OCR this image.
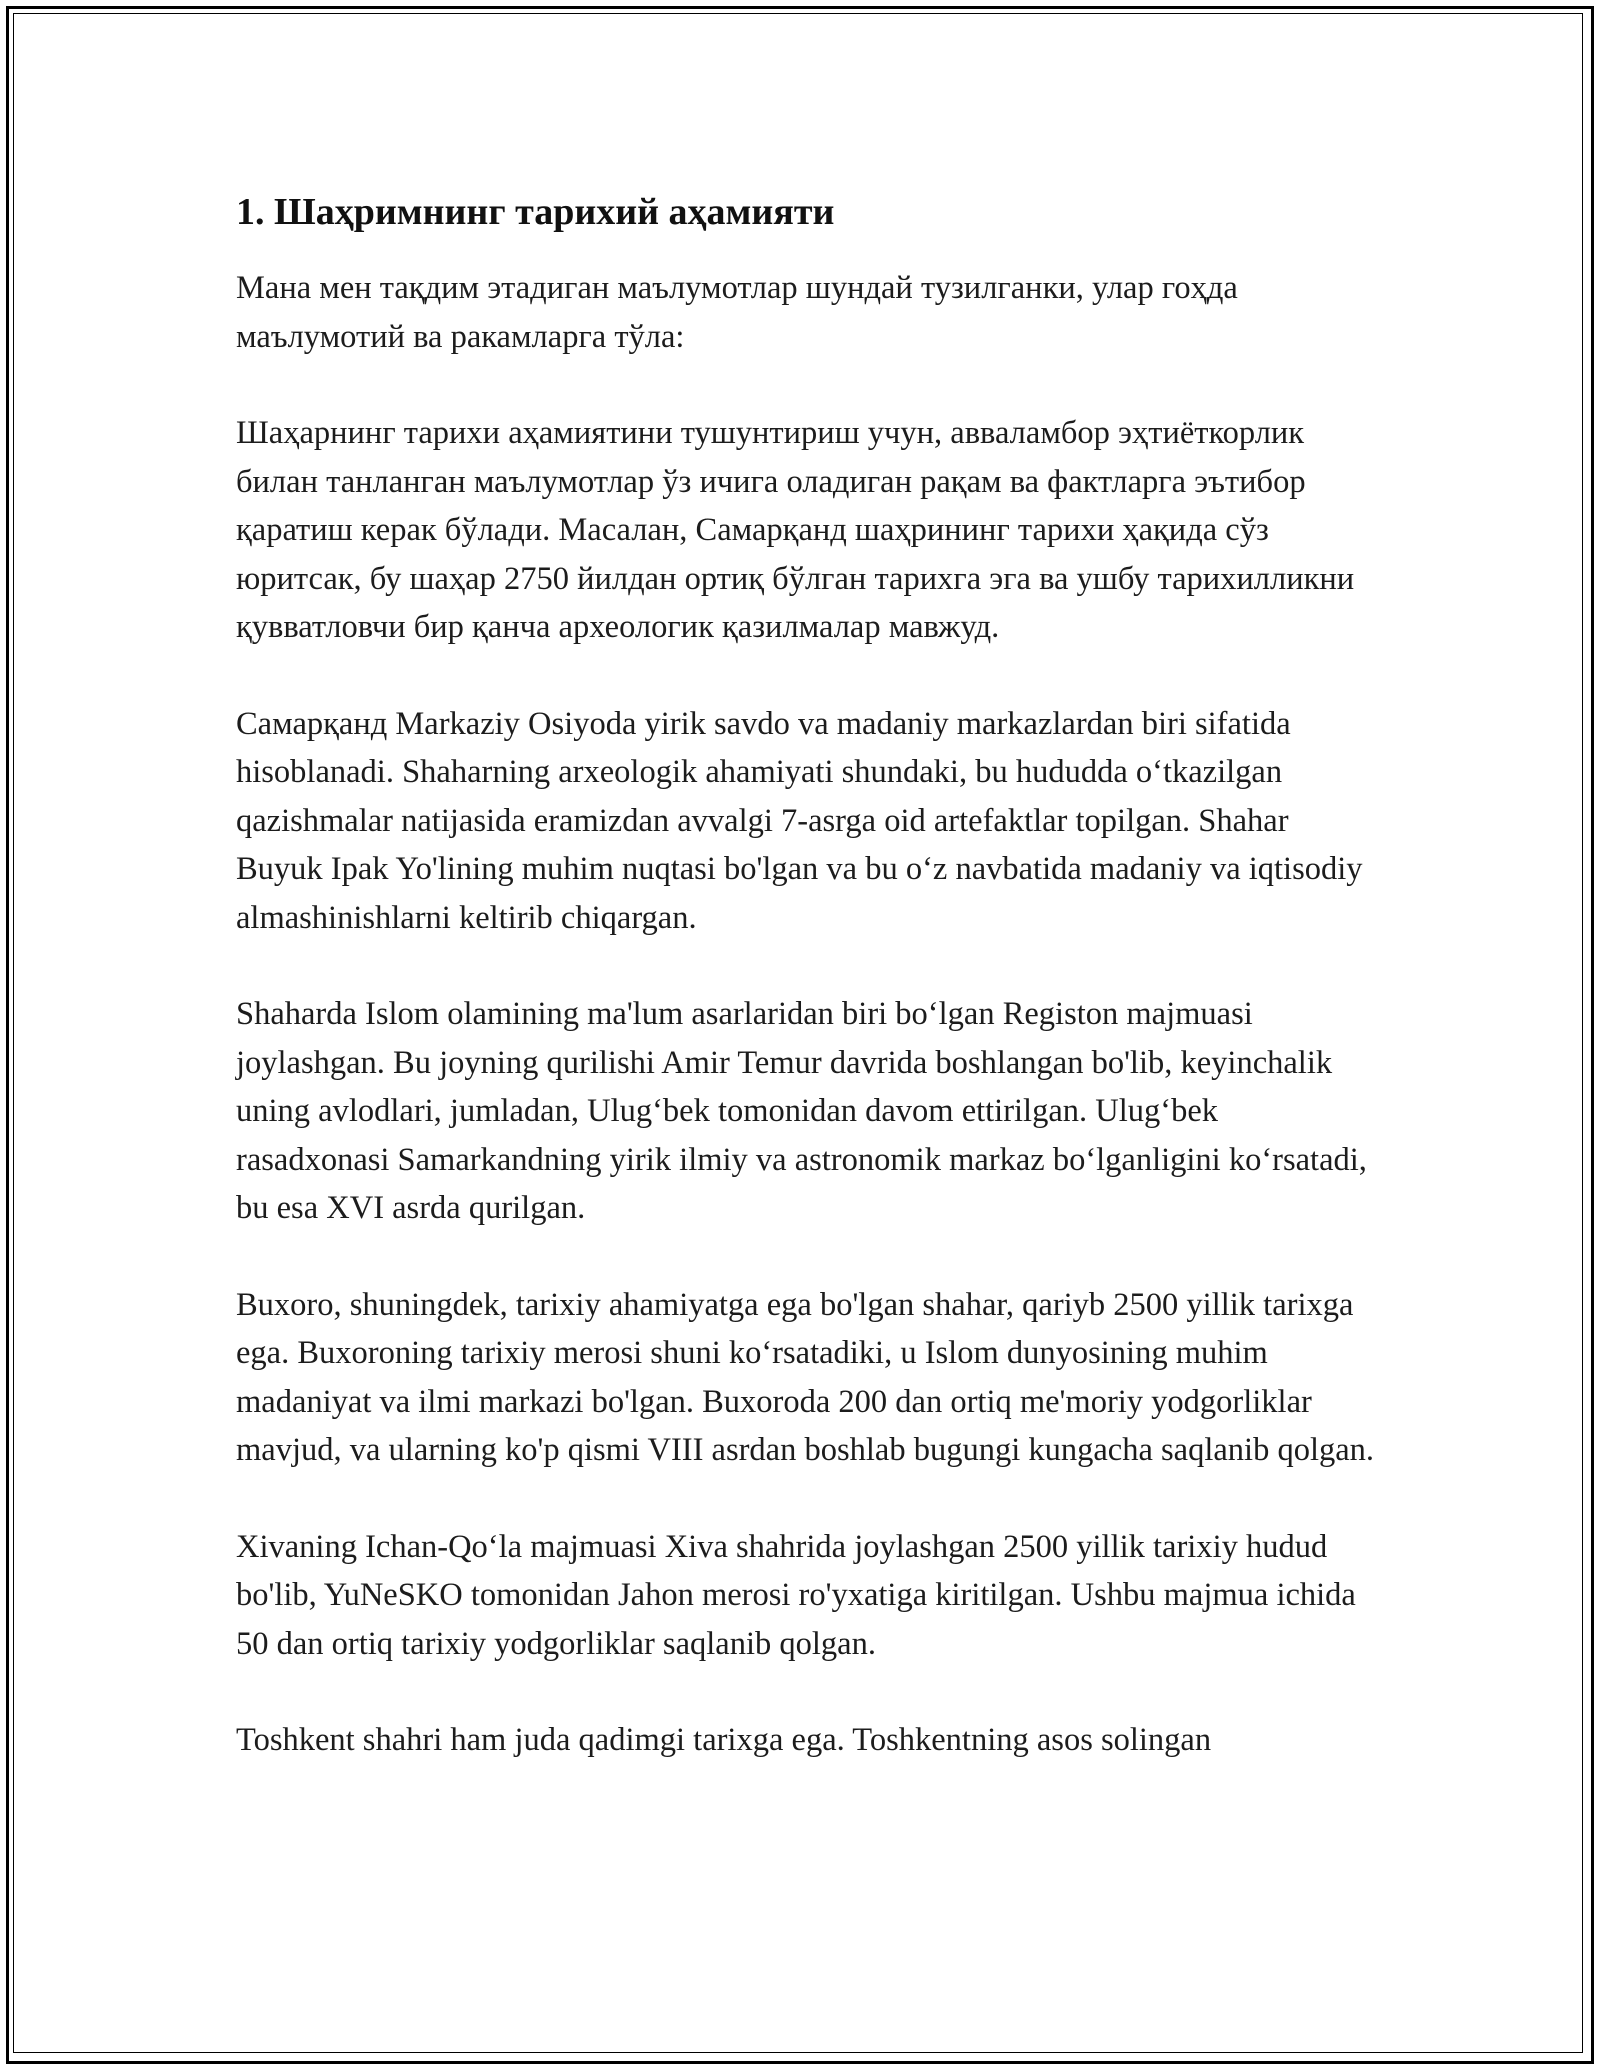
1. Шаҳримнинг тарихий аҳамияти

Мана мен тақдим этадиган маълумотлар шундай тузилганки, улар гоҳда маълумотий ва ракамларга тўла:

Шаҳарнинг тарихи аҳамиятини тушунтириш учун, авваламбор эҳтиёткорлик билан танланган маълумотлар ўз ичига оладиган рақам ва фактларга эътибор қаратиш керак бўлади. Масалан, Самарқанд шаҳрининг тарихи ҳақида сўз юритсак, бу шаҳар 2750 йилдан ортиқ бўлган тарихга эга ва ушбу тарихилликни қувватловчи бир қанча археологик қазилмалар мавжуд.

Самарқанд Markaziy Osiyoda yirik savdo va madaniy markazlardan biri sifatida hisoblanadi. Shaharning arxeologik ahamiyati shundaki, bu hududda oʻtkazilgan qazishmalar natijasida eramizdan avvalgi 7-asrga oid artefaktlar topilgan. Shahar Buyuk Ipak Yo'lining muhim nuqtasi bo'lgan va bu oʻz navbatida madaniy va iqtisodiy almashinishlarni keltirib chiqargan.

Shaharda Islom olamining ma'lum asarlaridan biri boʻlgan Registon majmuasi joylashgan. Bu joyning qurilishi Amir Temur davrida boshlangan bo'lib, keyinchalik uning avlodlari, jumladan, Ulugʻbek tomonidan davom ettirilgan. Ulugʻbek rasadxonasi Samarkandning yirik ilmiy va astronomik markaz boʻlganligini koʻrsatadi, bu esa XVI asrda qurilgan.

Buxoro, shuningdek, tarixiy ahamiyatga ega bo'lgan shahar, qariyb 2500 yillik tarixga ega. Buxoroning tarixiy merosi shuni koʻrsatadiki, u Islom dunyosining muhim madaniyat va ilmi markazi bo'lgan. Buxoroda 200 dan ortiq me'moriy yodgorliklar mavjud, va ularning ko'p qismi VIII asrdan boshlab bugungi kungacha saqlanib qolgan.

Xivaning Ichan-Qoʻla majmuasi Xiva shahrida joylashgan 2500 yillik tarixiy hudud bo'lib, YuNeSKO tomonidan Jahon merosi ro'yxatiga kiritilgan. Ushbu majmua ichida 50 dan ortiq tarixiy yodgorliklar saqlanib qolgan.

Toshkent shahri ham juda qadimgi tarixga ega. Toshkentning asos solingan
